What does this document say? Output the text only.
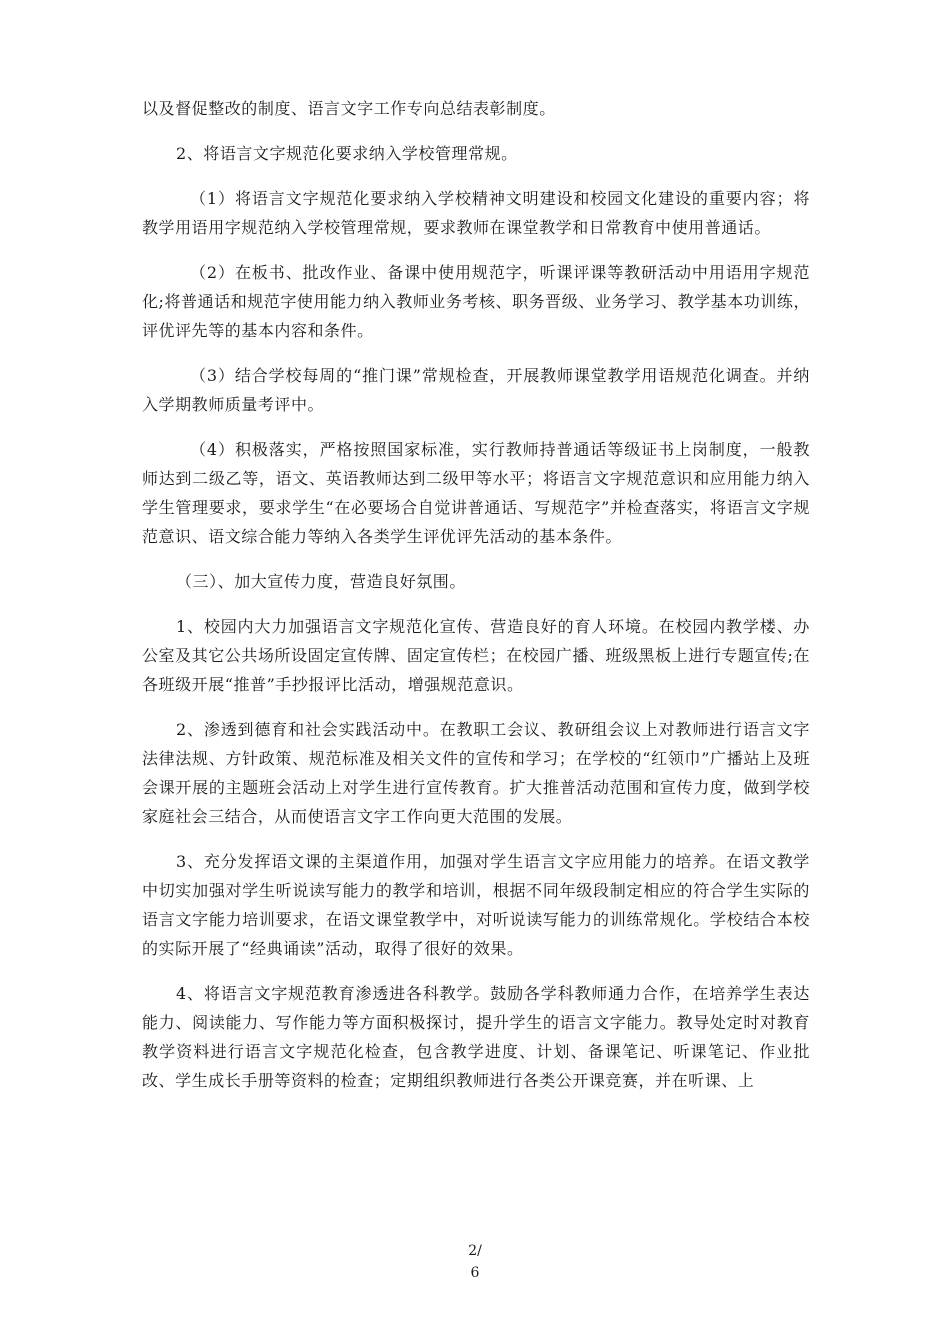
以及督促整改的制度、语言文字工作专向总结表彰制度。

2、将语言文字规范化要求纳入学校管理常规。

（1）将语言文字规范化要求纳入学校精神文明建设和校园文化建设的重要内容；将教学用语用字规范纳入学校管理常规，要求教师在课堂教学和日常教育中使用普通话。

（2）在板书、批改作业、备课中使用规范字，听课评课等教研活动中用语用字规范化;将普通话和规范字使用能力纳入教师业务考核、职务晋级、业务学习、教学基本功训练，评优评先等的基本内容和条件。

（3）结合学校每周的“推门课”常规检查，开展教师课堂教学用语规范化调查。并纳入学期教师质量考评中。

（4）积极落实，严格按照国家标准，实行教师持普通话等级证书上岗制度，一般教师达到二级乙等，语文、英语教师达到二级甲等水平；将语言文字规范意识和应用能力纳入学生管理要求，要求学生“在必要场合自觉讲普通话、写规范字”并检查落实，将语言文字规范意识、语文综合能力等纳入各类学生评优评先活动的基本条件。

（三）、加大宣传力度，营造良好氛围。

1、校园内大力加强语言文字规范化宣传、营造良好的育人环境。在校园内教学楼、办公室及其它公共场所设固定宣传牌、固定宣传栏；在校园广播、班级黑板上进行专题宣传;在各班级开展“推普”手抄报评比活动，增强规范意识。

2、渗透到德育和社会实践活动中。在教职工会议、教研组会议上对教师进行语言文字法律法规、方针政策、规范标准及相关文件的宣传和学习；在学校的“红领巾”广播站上及班会课开展的主题班会活动上对学生进行宣传教育。扩大推普活动范围和宣传力度，做到学校家庭社会三结合，从而使语言文字工作向更大范围的发展。

3、充分发挥语文课的主渠道作用，加强对学生语言文字应用能力的培养。在语文教学中切实加强对学生听说读写能力的教学和培训，根据不同年级段制定相应的符合学生实际的语言文字能力培训要求，在语文课堂教学中，对听说读写能力的训练常规化。学校结合本校的实际开展了“经典诵读”活动，取得了很好的效果。

4、将语言文字规范教育渗透进各科教学。鼓励各学科教师通力合作，在培养学生表达能力、阅读能力、写作能力等方面积极探讨，提升学生的语言文字能力。教导处定时对教育教学资料进行语言文字规范化检查，包含教学进度、计划、备课笔记、听课笔记、作业批改、学生成长手册等资料的检查；定期组织教师进行各类公开课竞赛，并在听课、上

2/
6
